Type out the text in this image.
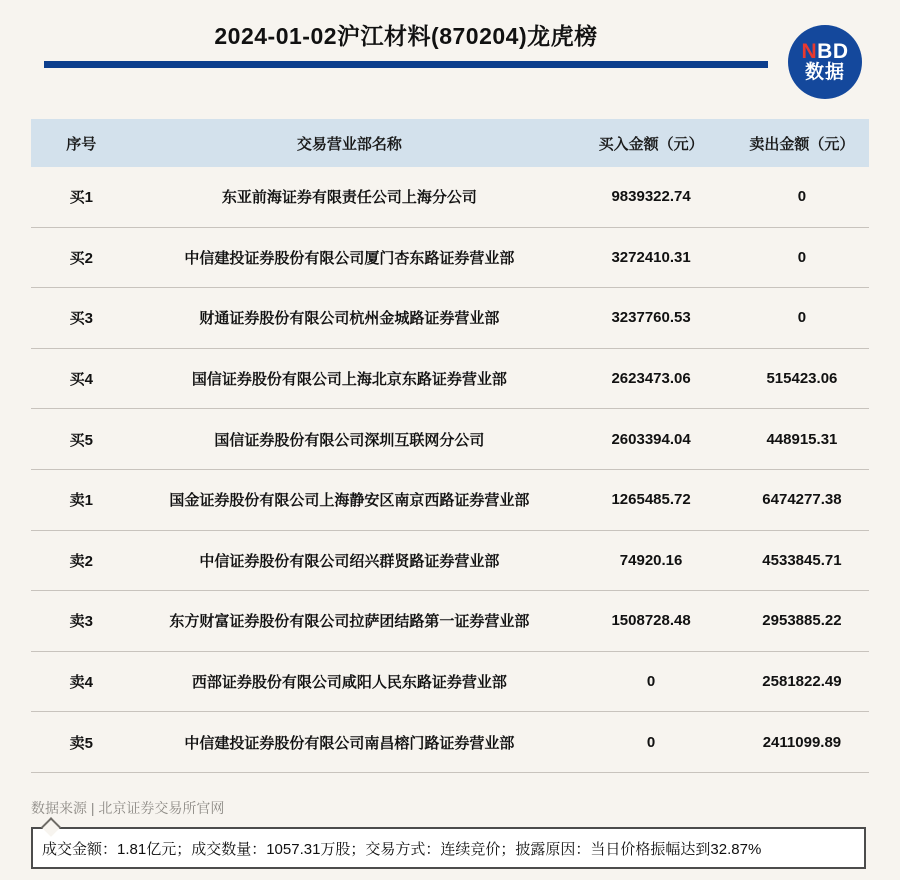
2024-01-02沪江材料(870204)龙虎榜
NBD
数据
序号	交易营业部名称	买入金额（元）	卖出金额（元）
买1	东亚前海证券有限责任公司上海分公司	9839322.74	0
买2	中信建投证券股份有限公司厦门杏东路证券营业部	3272410.31	0
买3	财通证券股份有限公司杭州金城路证券营业部	3237760.53	0
买4	国信证券股份有限公司上海北京东路证券营业部	2623473.06	515423.06
买5	国信证券股份有限公司深圳互联网分公司	2603394.04	448915.31
卖1	国金证券股份有限公司上海静安区南京西路证券营业部	1265485.72	6474277.38
卖2	中信证券股份有限公司绍兴群贤路证券营业部	74920.16	4533845.71
卖3	东方财富证券股份有限公司拉萨团结路第一证券营业部	1508728.48	2953885.22
卖4	西部证券股份有限公司咸阳人民东路证券营业部	0	2581822.49
卖5	中信建投证券股份有限公司南昌榕门路证券营业部	0	2411099.89
数据来源 | 北京证券交易所官网
成交金额：1.81亿元；成交数量：1057.31万股；交易方式：连续竞价；披露原因：当日价格振幅达到32.87%
